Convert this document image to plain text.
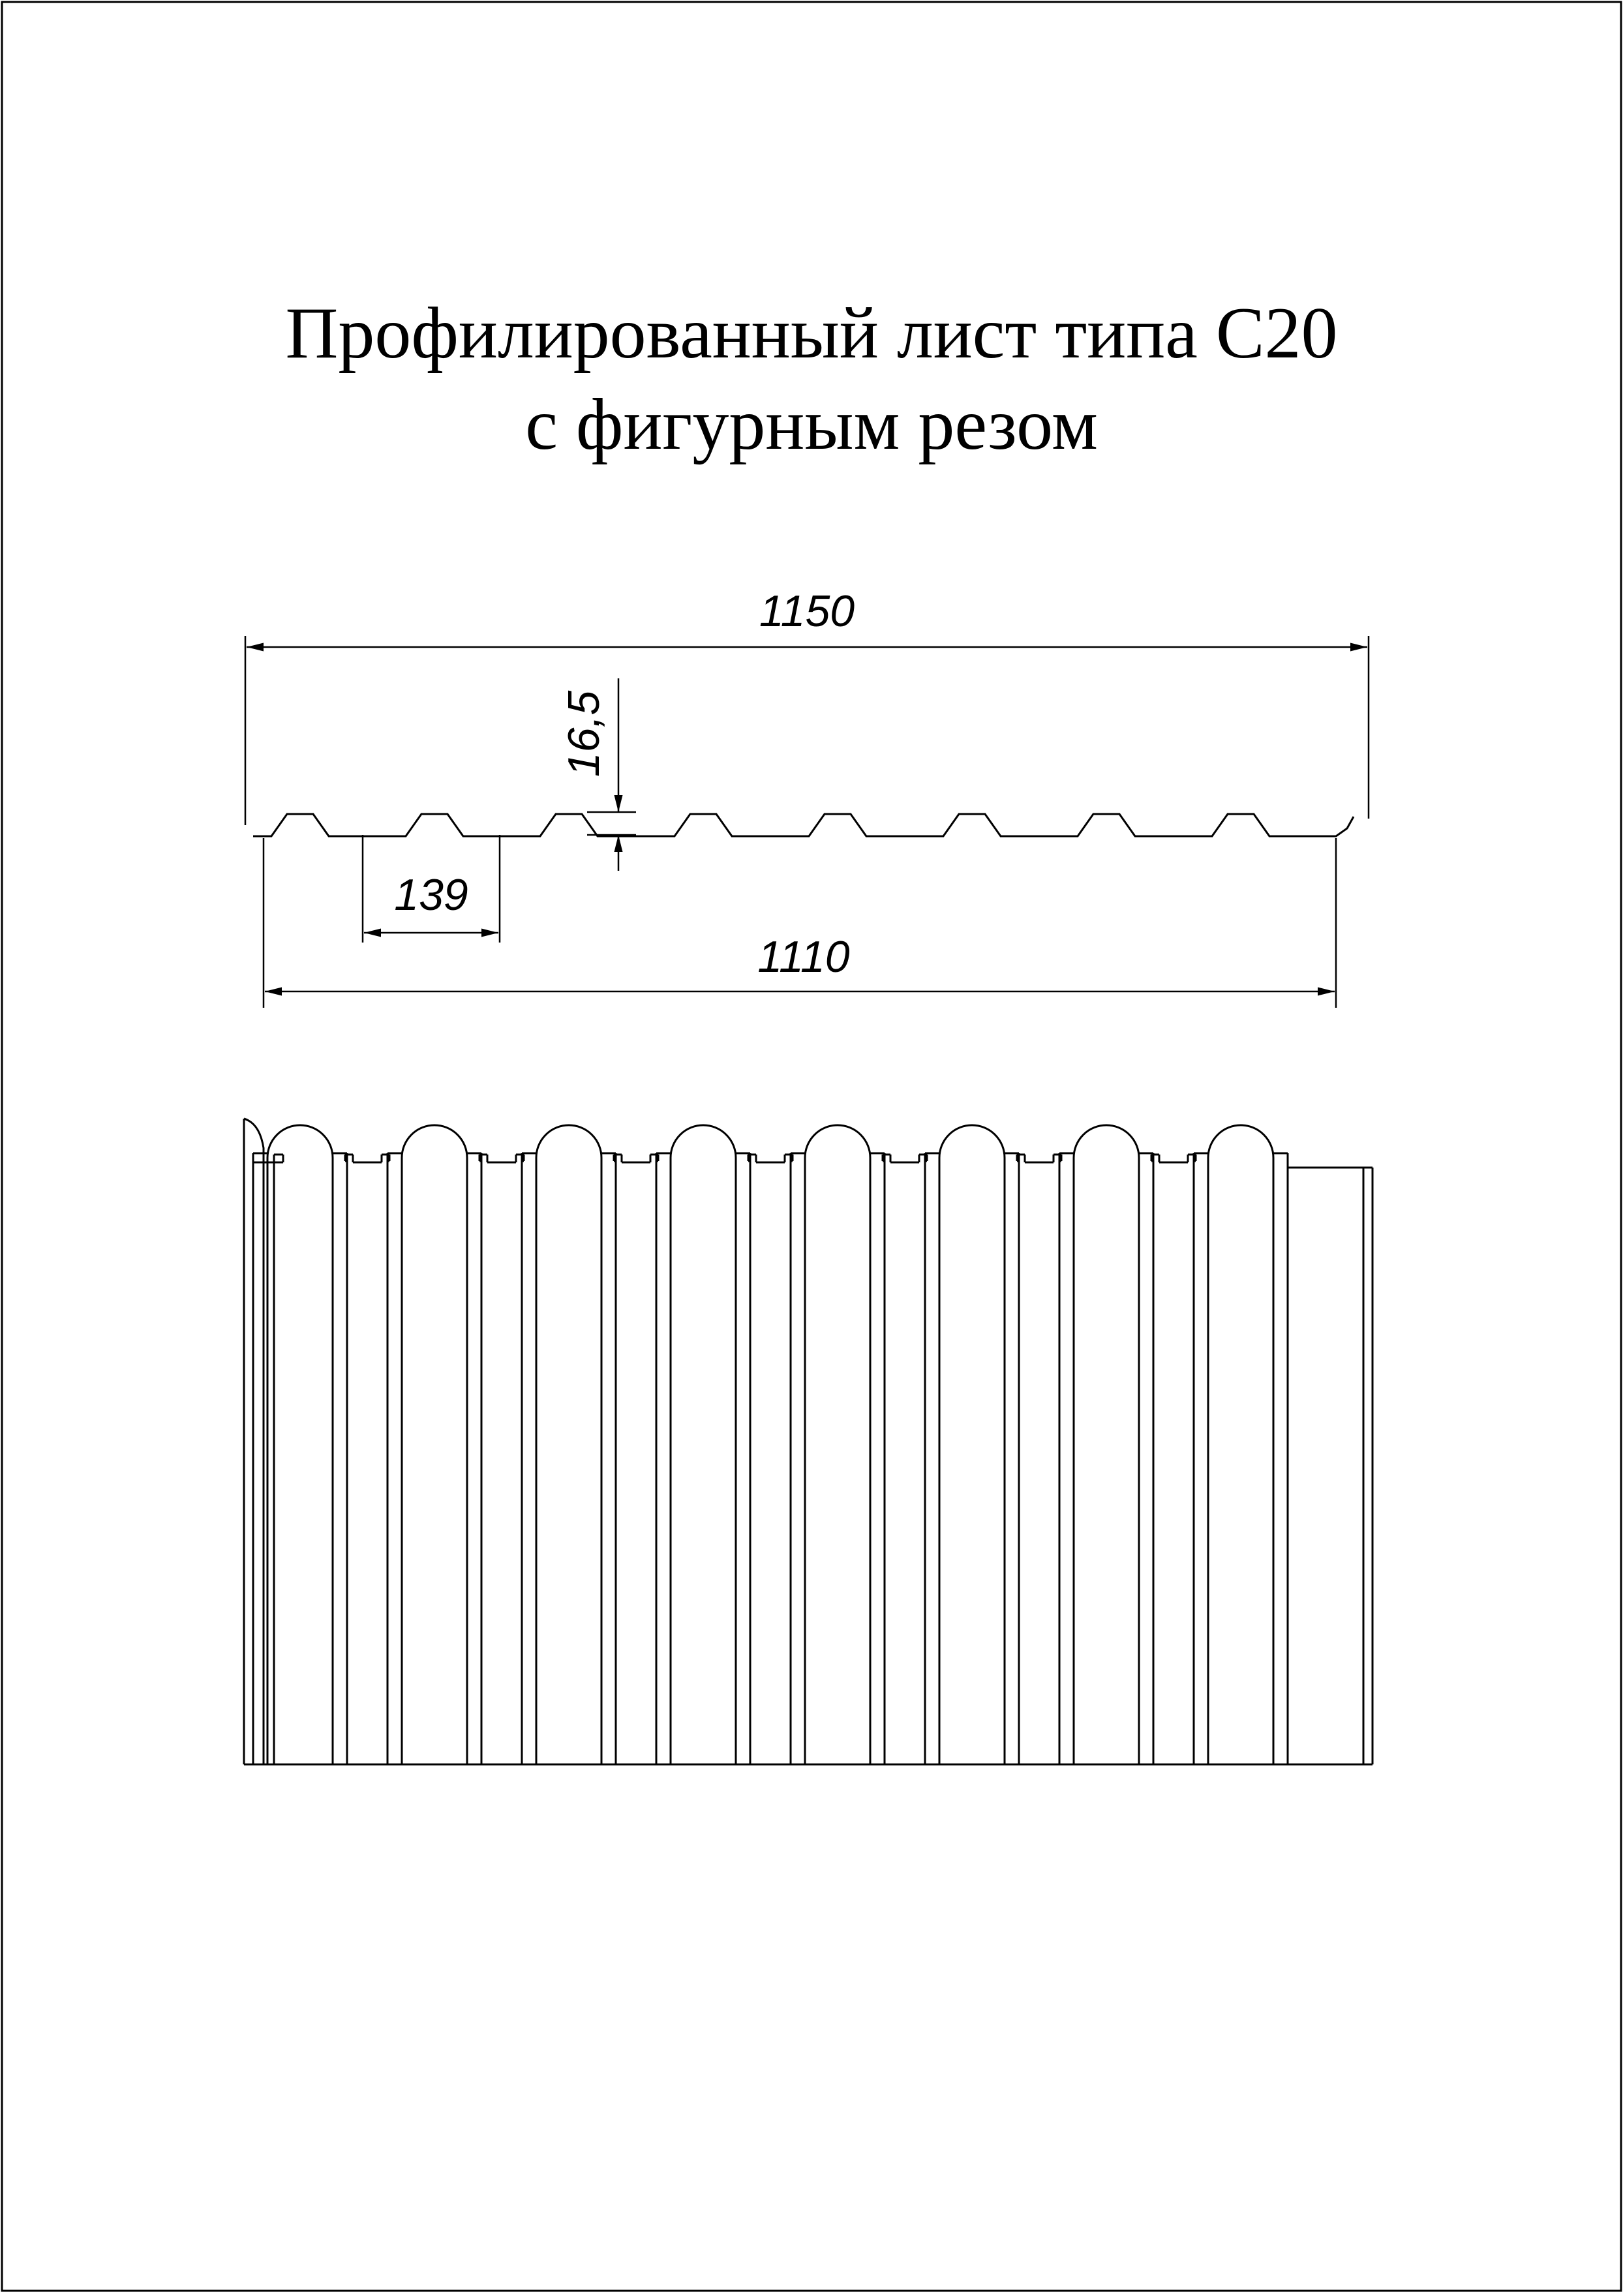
1150
1110
139
16,5
Профилированный лист типа С20
с фигурным резом
